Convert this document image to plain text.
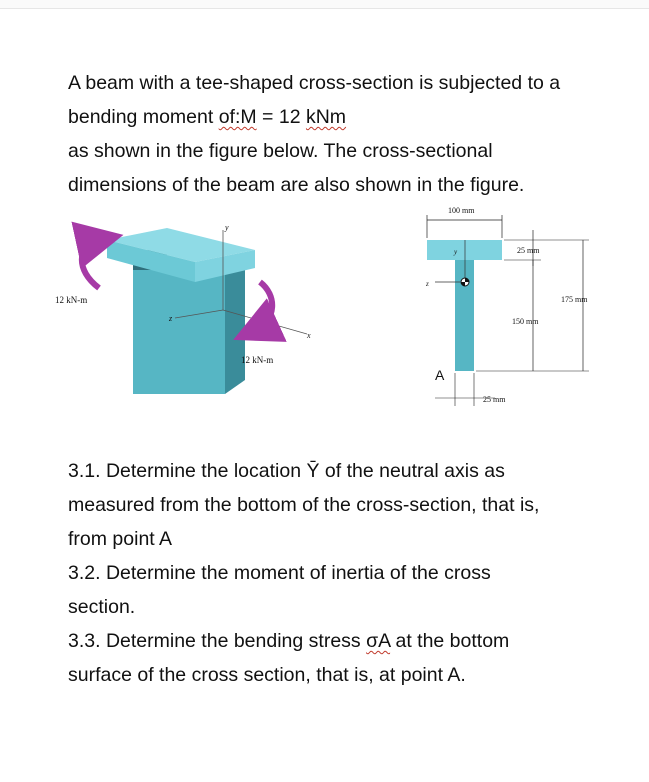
A beam with a tee-shaped cross-section is subjected to a
bending moment of:M = 12 kNm
as shown in the figure below. The cross-sectional
dimensions of the beam are also shown in the figure.
y
x
z
12 kN-m
12 kN-m
y
z
100 mm
25 mm
175 mm
150 mm
25 mm
A
3.1. Determine the location Ȳ of the neutral axis as
measured from the bottom of the cross-section, that is,
from point A
3.2. Determine the moment of inertia of the cross
section.
3.3. Determine the bending stress σA at the bottom
surface of the cross section, that is, at point A.
